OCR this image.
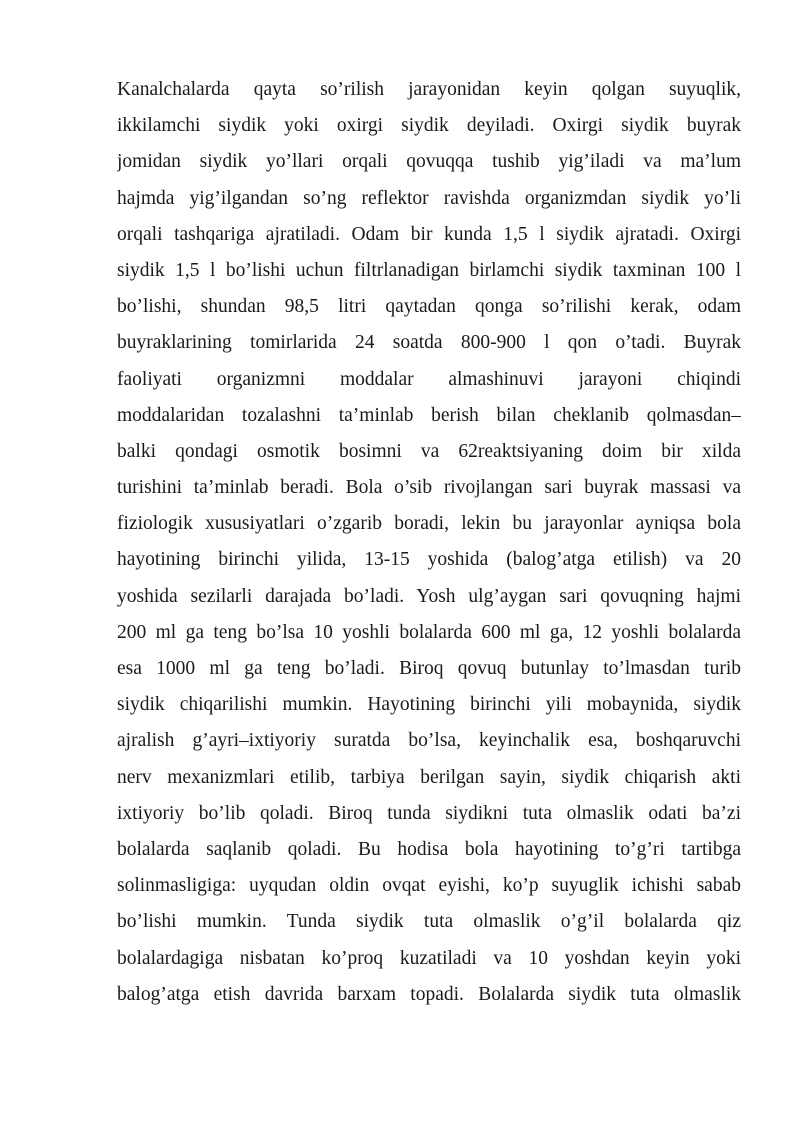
Kanalchalarda qayta so’rilish jarayonidan keyin qolgan suyuqlik,
ikkilamchi siydik yoki oxirgi siydik deyiladi. Oxirgi siydik buyrak
jomidan siydik yo’llari orqali qovuqqa tushib yig’iladi va ma’lum
hajmda yig’ilgandan so’ng reflektor ravishda organizmdan siydik yo’li
orqali tashqariga ajratiladi. Odam bir kunda 1,5 l siydik ajratadi. Oxirgi
siydik 1,5 l bo’lishi uchun filtrlanadigan birlamchi siydik taxminan 100 l
bo’lishi, shundan 98,5 litri qaytadan qonga so’rilishi kerak, odam
buyraklarining tomirlarida 24 soatda 800-900 l qon o’tadi. Buyrak
faoliyati organizmni moddalar almashinuvi jarayoni chiqindi
moddalaridan tozalashni ta’minlab berish bilan cheklanib qolmasdan–
balki qondagi osmotik bosimni va 62reaktsiyaning doim bir xilda
turishini ta’minlab beradi. Bola o’sib rivojlangan sari buyrak massasi va
fiziologik xususiyatlari o’zgarib boradi, lekin bu jarayonlar ayniqsa bola
hayotining birinchi yilida, 13-15 yoshida (balog’atga etilish) va 20
yoshida sezilarli darajada bo’ladi. Yosh ulg’aygan sari qovuqning hajmi
200 ml ga teng bo’lsa 10 yoshli bolalarda 600 ml ga, 12 yoshli bolalarda
esa 1000 ml ga teng bo’ladi. Biroq qovuq butunlay to’lmasdan turib
siydik chiqarilishi mumkin. Hayotining birinchi yili mobaynida, siydik
ajralish g’ayri–ixtiyoriy suratda bo’lsa, keyinchalik esa, boshqaruvchi
nerv mexanizmlari etilib, tarbiya berilgan sayin, siydik chiqarish akti
ixtiyoriy bo’lib qoladi. Biroq tunda siydikni tuta olmaslik odati ba’zi
bolalarda saqlanib qoladi. Bu hodisa bola hayotining to’g’ri tartibga
solinmasligiga: uyqudan oldin ovqat eyishi, ko’p suyuglik ichishi sabab
bo’lishi mumkin. Tunda siydik tuta olmaslik o’g’il bolalarda qiz
bolalardagiga nisbatan ko’proq kuzatiladi va 10 yoshdan keyin yoki
balog’atga etish davrida barxam topadi. Bolalarda siydik tuta olmaslik
